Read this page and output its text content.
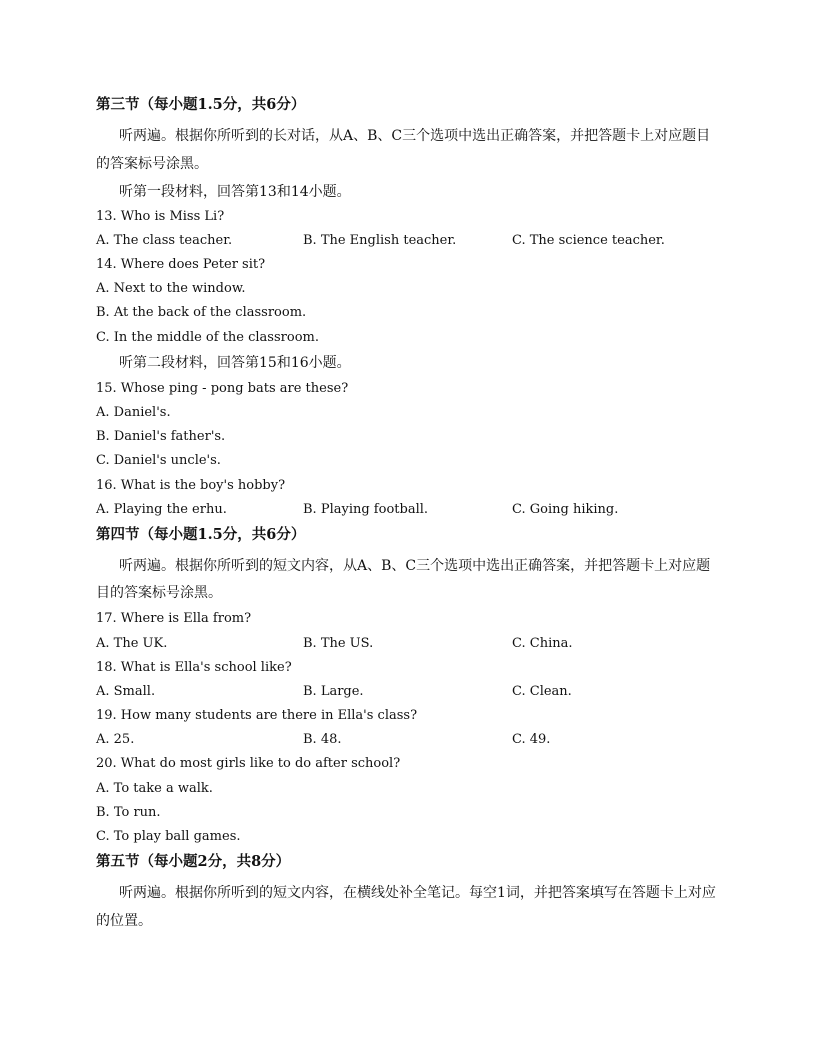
第三节（每小题1.5分，共6分）
听两遍。根据你所听到的长对话，从A、B、C三个选项中选出正确答案，并把答题卡上对应题目
的答案标号涂黑。
听第一段材料，回答第13和14小题。
13. Who is Miss Li?
A. The class teacher.	B. The English teacher.	C. The science teacher.
14. Where does Peter sit?
A. Next to the window.
B. At the back of the classroom.
C. In the middle of the classroom.
听第二段材料，回答第15和16小题。
15. Whose ping - pong bats are these?
A. Daniel's.
B. Daniel's father's.
C. Daniel's uncle's.
16. What is the boy's hobby?
A. Playing the erhu.	B. Playing football.	C. Going hiking.
第四节（每小题1.5分，共6分）
听两遍。根据你所听到的短文内容，从A、B、C三个选项中选出正确答案，并把答题卡上对应题
目的答案标号涂黑。
17. Where is Ella from?
A. The UK.	B. The US.	C. China.
18. What is Ella's school like?
A. Small.	B. Large.	C. Clean.
19. How many students are there in Ella's class?
A. 25.	B. 48.	C. 49.
20. What do most girls like to do after school?
A. To take a walk.
B. To run.
C. To play ball games.
第五节（每小题2分，共8分）
听两遍。根据你所听到的短文内容，在横线处补全笔记。每空1词，并把答案填写在答题卡上对应
的位置。
